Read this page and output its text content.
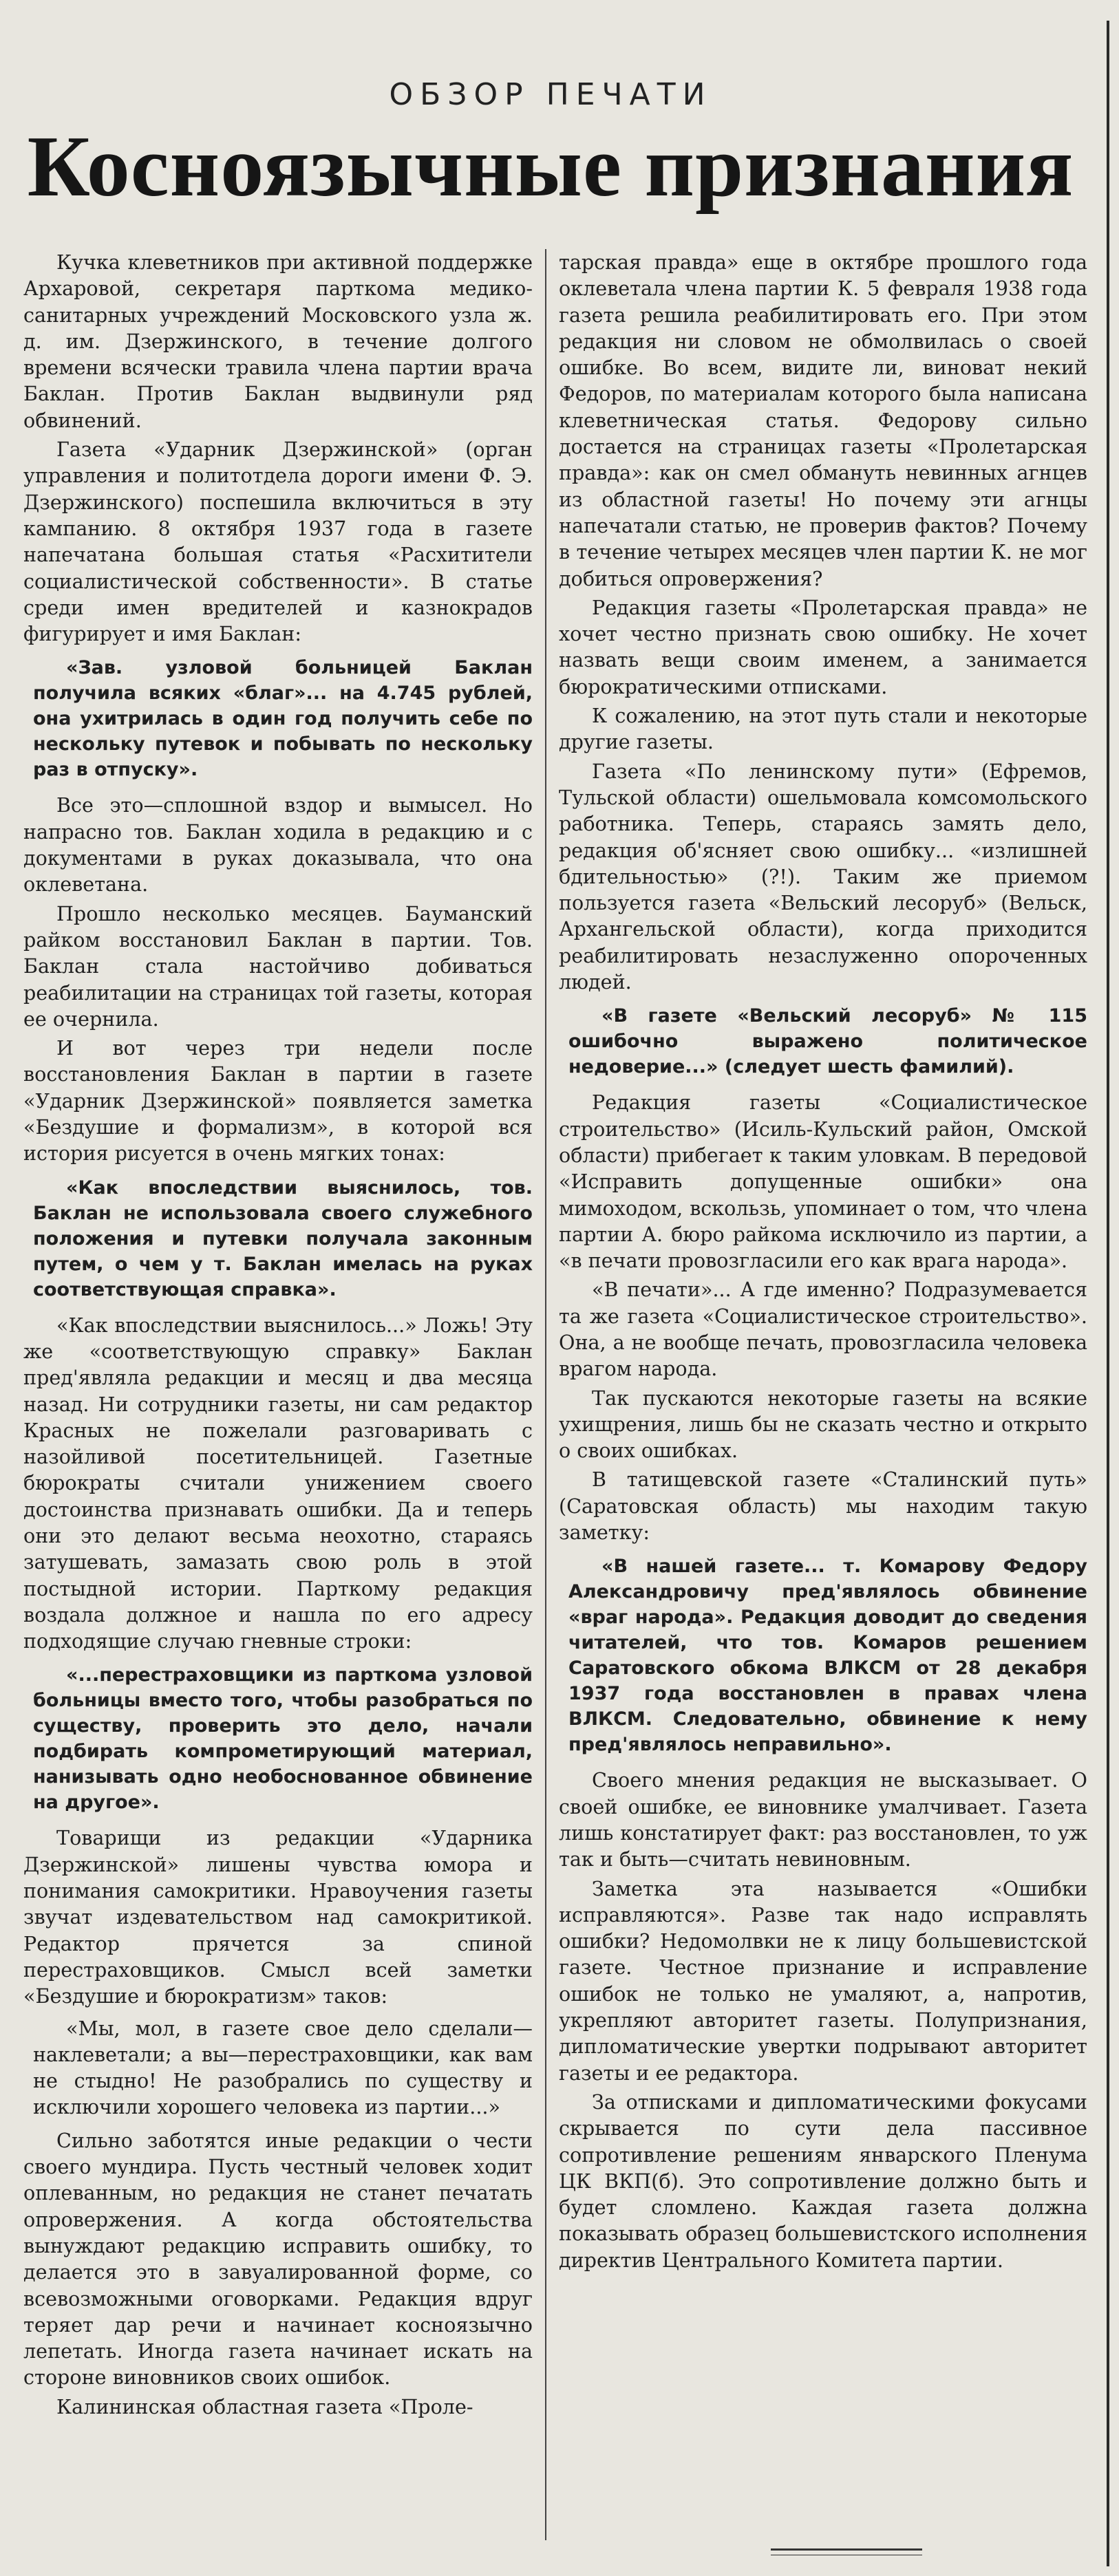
ОБЗОР ПЕЧАТИ
Косноязычные признания

Кучка клеветников при активной поддержке Архаровой, секретаря парткома медико-санитарных учреждений Московского узла ж. д. им. Дзержинского, в течение долгого времени всячески травила члена партии врача Баклан. Против Баклан выдвинули ряд обвинений.

Газета «Ударник Дзержинской» (орган управления и политотдела дороги имени Ф. Э. Дзержинского) поспешила включиться в эту кампанию. 8 октября 1937 года в газете напечатана большая статья «Расхитители социалистической собственности». В статье среди имен вредителей и казнокрадов фигурирует и имя Баклан:

«Зав. узловой больницей Баклан получила всяких «благ»... на 4.745 рублей, она ухитрилась в один год получить себе по нескольку путевок и побывать по нескольку раз в отпуску».

Все это—сплошной вздор и вымысел. Но напрасно тов. Баклан ходила в редакцию и с документами в руках доказывала, что она оклеветана.

Прошло несколько месяцев. Бауманский райком восстановил Баклан в партии. Тов. Баклан стала настойчиво добиваться реабилитации на страницах той газеты, которая ее очернила.

И вот через три недели после восстановления Баклан в партии в газете «Ударник Дзержинской» появляется заметка «Бездушие и формализм», в которой вся история рисуется в очень мягких тонах:

«Как впоследствии выяснилось, тов. Баклан не использовала своего служебного положения и путевки получала законным путем, о чем у т. Баклан имелась на руках соответствующая справка».

«Как впоследствии выяснилось...» Ложь! Эту же «соответствующую справку» Баклан пред'являла редакции и месяц и два месяца назад. Ни сотрудники газеты, ни сам редактор Красных не пожелали разговаривать с назойливой посетительницей. Газетные бюрократы считали унижением своего достоинства признавать ошибки. Да и теперь они это делают весьма неохотно, стараясь затушевать, замазать свою роль в этой постыдной истории. Парткому редакция воздала должное и нашла по его адресу подходящие случаю гневные строки:

«...перестраховщики из парткома узловой больницы вместо того, чтобы разобраться по существу, проверить это дело, начали подбирать компрометирующий материал, нанизывать одно необоснованное обвинение на другое».

Товарищи из редакции «Ударника Дзержинской» лишены чувства юмора и понимания самокритики. Нравоучения газеты звучат издевательством над самокритикой. Редактор прячется за спиной перестраховщиков. Смысл всей заметки «Бездушие и бюрократизм» таков:

«Мы, мол, в газете свое дело сделали—наклеветали; а вы—перестраховщики, как вам не стыдно! Не разобрались по существу и исключили хорошего человека из партии...»

Сильно заботятся иные редакции о чести своего мундира. Пусть честный человек ходит оплеванным, но редакция не станет печатать опровержения. А когда обстоятельства вынуждают редакцию исправить ошибку, то делается это в завуалированной форме, со всевозможными оговорками. Редакция вдруг теряет дар речи и начинает косноязычно лепетать. Иногда газета начинает искать на стороне виновников своих ошибок.

Калининская областная газета «Проле-

тарская правда» еще в октябре прошлого года оклеветала члена партии К. 5 февраля 1938 года газета решила реабилитировать его. При этом редакция ни словом не обмолвилась о своей ошибке. Во всем, видите ли, виноват некий Федоров, по материалам которого была написана клеветническая статья. Федорову сильно достается на страницах газеты «Пролетарская правда»: как он смел обмануть невинных агнцев из областной газеты! Но почему эти агнцы напечатали статью, не проверив фактов? Почему в течение четырех месяцев член партии К. не мог добиться опровержения?

Редакция газеты «Пролетарская правда» не хочет честно признать свою ошибку. Не хочет назвать вещи своим именем, а занимается бюрократическими отписками.

К сожалению, на этот путь стали и некоторые другие газеты.

Газета «По ленинскому пути» (Ефремов, Тульской области) ошельмовала комсомольского работника. Теперь, стараясь замять дело, редакция об'ясняет свою ошибку... «излишней бдительностью» (?!). Таким же приемом пользуется газета «Вельский лесоруб» (Вельск, Архангельской области), когда приходится реабилитировать незаслуженно опороченных людей.

«В газете «Вельский лесоруб» № 115 ошибочно выражено политическое недоверие...» (следует шесть фамилий).

Редакция газеты «Социалистическое строительство» (Исиль-Кульский район, Омской области) прибегает к таким уловкам. В передовой «Исправить допущенные ошибки» она мимоходом, вскользь, упоминает о том, что члена партии А. бюро райкома исключило из партии, а «в печати провозгласили его как врага народа».

«В печати»... А где именно? Подразумевается та же газета «Социалистическое строительство». Она, а не вообще печать, провозгласила человека врагом народа.

Так пускаются некоторые газеты на всякие ухищрения, лишь бы не сказать честно и открыто о своих ошибках.

В татищевской газете «Сталинский путь» (Саратовская область) мы находим такую заметку:

«В нашей газете... т. Комарову Федору Александровичу пред'являлось обвинение «враг народа». Редакция доводит до сведения читателей, что тов. Комаров решением Саратовского обкома ВЛКСМ от 28 декабря 1937 года восстановлен в правах члена ВЛКСМ. Следовательно, обвинение к нему пред'являлось неправильно».

Своего мнения редакция не высказывает. О своей ошибке, ее виновнике умалчивает. Газета лишь констатирует факт: раз восстановлен, то уж так и быть—считать невиновным.

Заметка эта называется «Ошибки исправляются». Разве так надо исправлять ошибки? Недомолвки не к лицу большевистской газете. Честное признание и исправление ошибок не только не умаляют, а, напротив, укрепляют авторитет газеты. Полупризнания, дипломатические увертки подрывают авторитет газеты и ее редактора.

За отписками и дипломатическими фокусами скрывается по сути дела пассивное сопротивление решениям январского Пленума ЦК ВКП(б). Это сопротивление должно быть и будет сломлено. Каждая газета должна показывать образец большевистского исполнения директив Центрального Комитета партии.
